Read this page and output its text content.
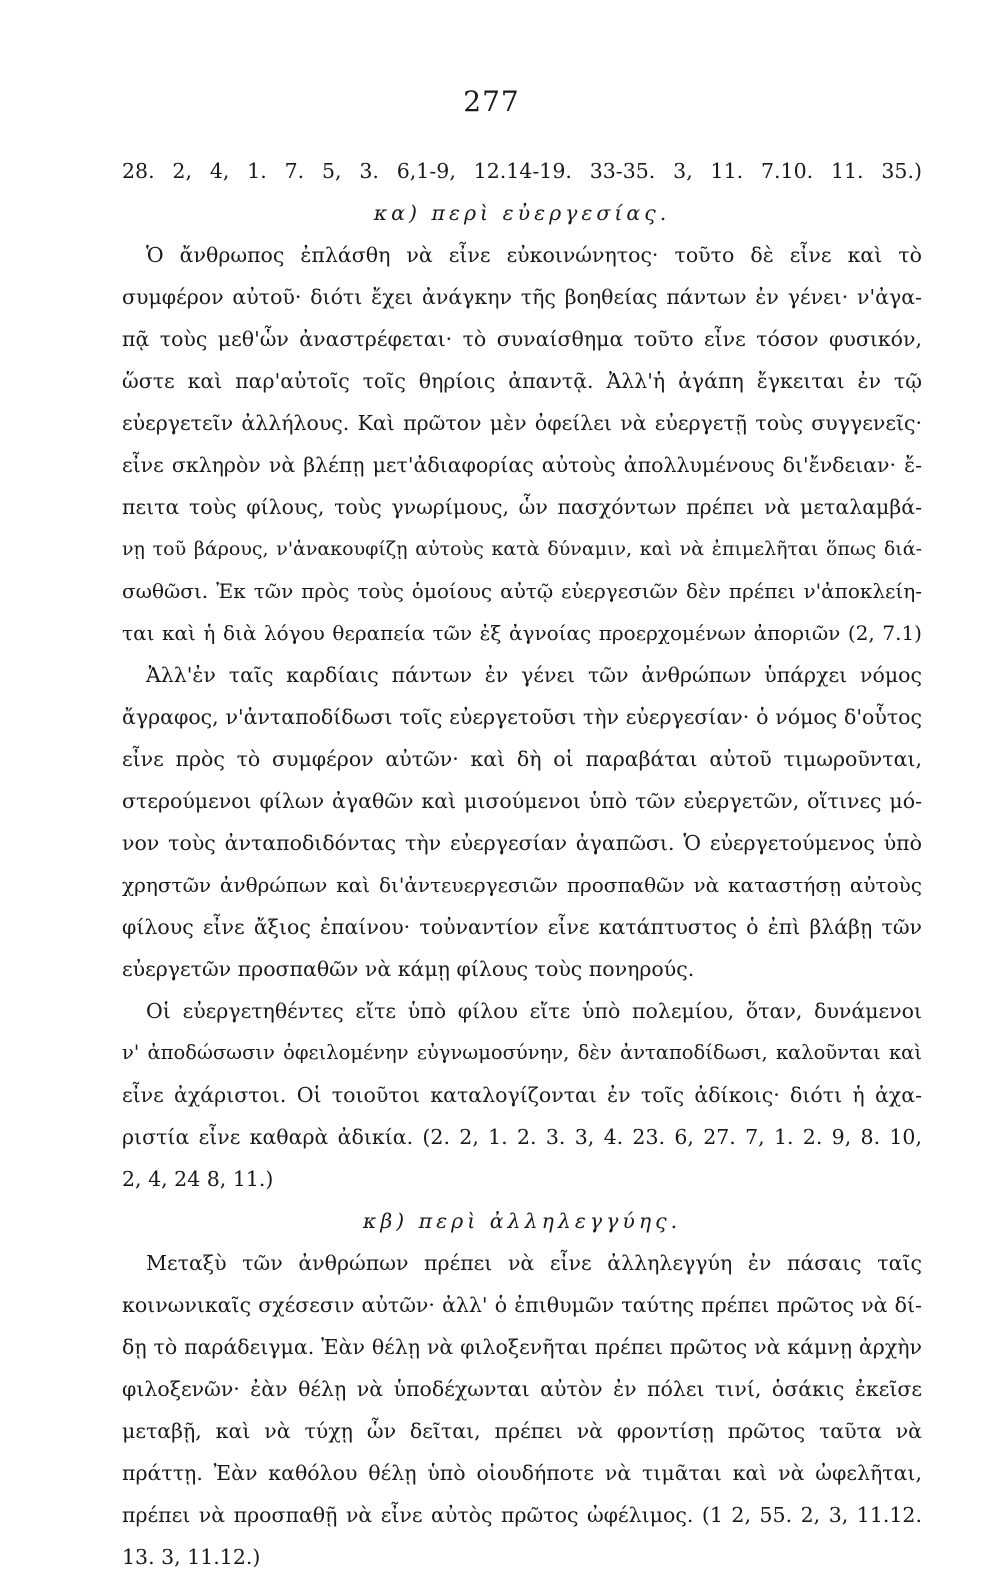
277
28. 2, 4, 1. 7. 5, 3. 6,1-9, 12.14-19. 33-35. 3, 11. 7.10. 11. 35.)
κα) περὶ εὐεργεσίας.
Ὁ ἄνθρωπος ἐπλάσθη νὰ εἶνε εὐκοινώνητος· τοῦτο δὲ εἶνε καὶ τὸ
συμφέρον αὐτοῦ· διότι ἔχει ἀνάγκην τῆς βοηθείας πάντων ἐν γένει· ν'ἀγα-
πᾷ τοὺς μεθ'ὧν ἀναστρέφεται· τὸ συναίσθημα τοῦτο εἶνε τόσον φυσικόν,
ὥστε καὶ παρ'αὐτοῖς τοῖς θηρίοις ἀπαντᾷ. Ἀλλ'ἡ ἀγάπη ἔγκειται ἐν τῷ
εὐεργετεῖν ἀλλήλους. Καὶ πρῶτον μὲν ὀφείλει νὰ εὐεργετῇ τοὺς συγγενεῖς·
εἶνε σκληρὸν νὰ βλέπῃ μετ'ἀδιαφορίας αὐτοὺς ἀπολλυμένους δι'ἔνδειαν· ἔ-
πειτα τοὺς φίλους, τοὺς γνωρίμους, ὧν πασχόντων πρέπει νὰ μεταλαμβά-
νῃ τοῦ βάρους, ν'ἀνακουφίζῃ αὐτοὺς κατὰ δύναμιν, καὶ νὰ ἐπιμελῆται ὅπως διά-
σωθῶσι. Ἐκ τῶν πρὸς τοὺς ὁμοίους αὐτῷ εὐεργεσιῶν δὲν πρέπει ν'ἀποκλείη-
ται καὶ ἡ διὰ λόγου θεραπεία τῶν ἐξ ἀγνοίας προερχομένων ἀποριῶν (2, 7.1)
Ἀλλ'ἐν ταῖς καρδίαις πάντων ἐν γένει τῶν ἀνθρώπων ὑπάρχει νόμος
ἄγραφος, ν'ἀνταποδίδωσι τοῖς εὐεργετοῦσι τὴν εὐεργεσίαν· ὁ νόμος δ'οὗτος
εἶνε πρὸς τὸ συμφέρον αὐτῶν· καὶ δὴ οἱ παραβάται αὐτοῦ τιμωροῦνται,
στερούμενοι φίλων ἀγαθῶν καὶ μισούμενοι ὑπὸ τῶν εὐεργετῶν, οἵτινες μό-
νον τοὺς ἀνταποδιδόντας τὴν εὐεργεσίαν ἀγαπῶσι. Ὁ εὐεργετούμενος ὑπὸ
χρηστῶν ἀνθρώπων καὶ δι'ἀντευεργεσιῶν προσπαθῶν νὰ καταστήσῃ αὐτοὺς
φίλους εἶνε ἄξιος ἐπαίνου· τοὐναντίον εἶνε κατάπτυστος ὁ ἐπὶ βλάβῃ τῶν
εὐεργετῶν προσπαθῶν νὰ κάμῃ φίλους τοὺς πονηρούς.
Οἱ εὐεργετηθέντες εἴτε ὑπὸ φίλου εἴτε ὑπὸ πολεμίου, ὅταν, δυνάμενοι
ν' ἀποδώσωσιν ὀφειλομένην εὐγνωμοσύνην, δὲν ἀνταποδίδωσι, καλοῦνται καὶ
εἶνε ἀχάριστοι. Οἱ τοιοῦτοι καταλογίζονται ἐν τοῖς ἀδίκοις· διότι ἡ ἀχα-
ριστία εἶνε καθαρὰ ἀδικία. (2. 2, 1. 2. 3. 3, 4. 23. 6, 27. 7, 1. 2. 9, 8. 10,
2, 4, 24 8, 11.)
κβ) περὶ ἀλληλεγγύης.
Μεταξὺ τῶν ἀνθρώπων πρέπει νὰ εἶνε ἀλληλεγγύη ἐν πάσαις ταῖς
κοινωνικαῖς σχέσεσιν αὐτῶν· ἀλλ' ὁ ἐπιθυμῶν ταύτης πρέπει πρῶτος νὰ δί-
δῃ τὸ παράδειγμα. Ἐὰν θέλῃ νὰ φιλοξενῆται πρέπει πρῶτος νὰ κάμνῃ ἀρχὴν
φιλοξενῶν· ἐὰν θέλῃ νὰ ὑποδέχωνται αὐτὸν ἐν πόλει τινί, ὁσάκις ἐκεῖσε
μεταβῇ, καὶ νὰ τύχῃ ὧν δεῖται, πρέπει νὰ φροντίσῃ πρῶτος ταῦτα νὰ
πράττῃ. Ἐὰν καθόλου θέλῃ ὑπὸ οἱουδήποτε νὰ τιμᾶται καὶ νὰ ὠφελῆται,
πρέπει νὰ προσπαθῇ νὰ εἶνε αὐτὸς πρῶτος ὠφέλιμος. (1 2, 55. 2, 3, 11.12.
13. 3, 11.12.)
